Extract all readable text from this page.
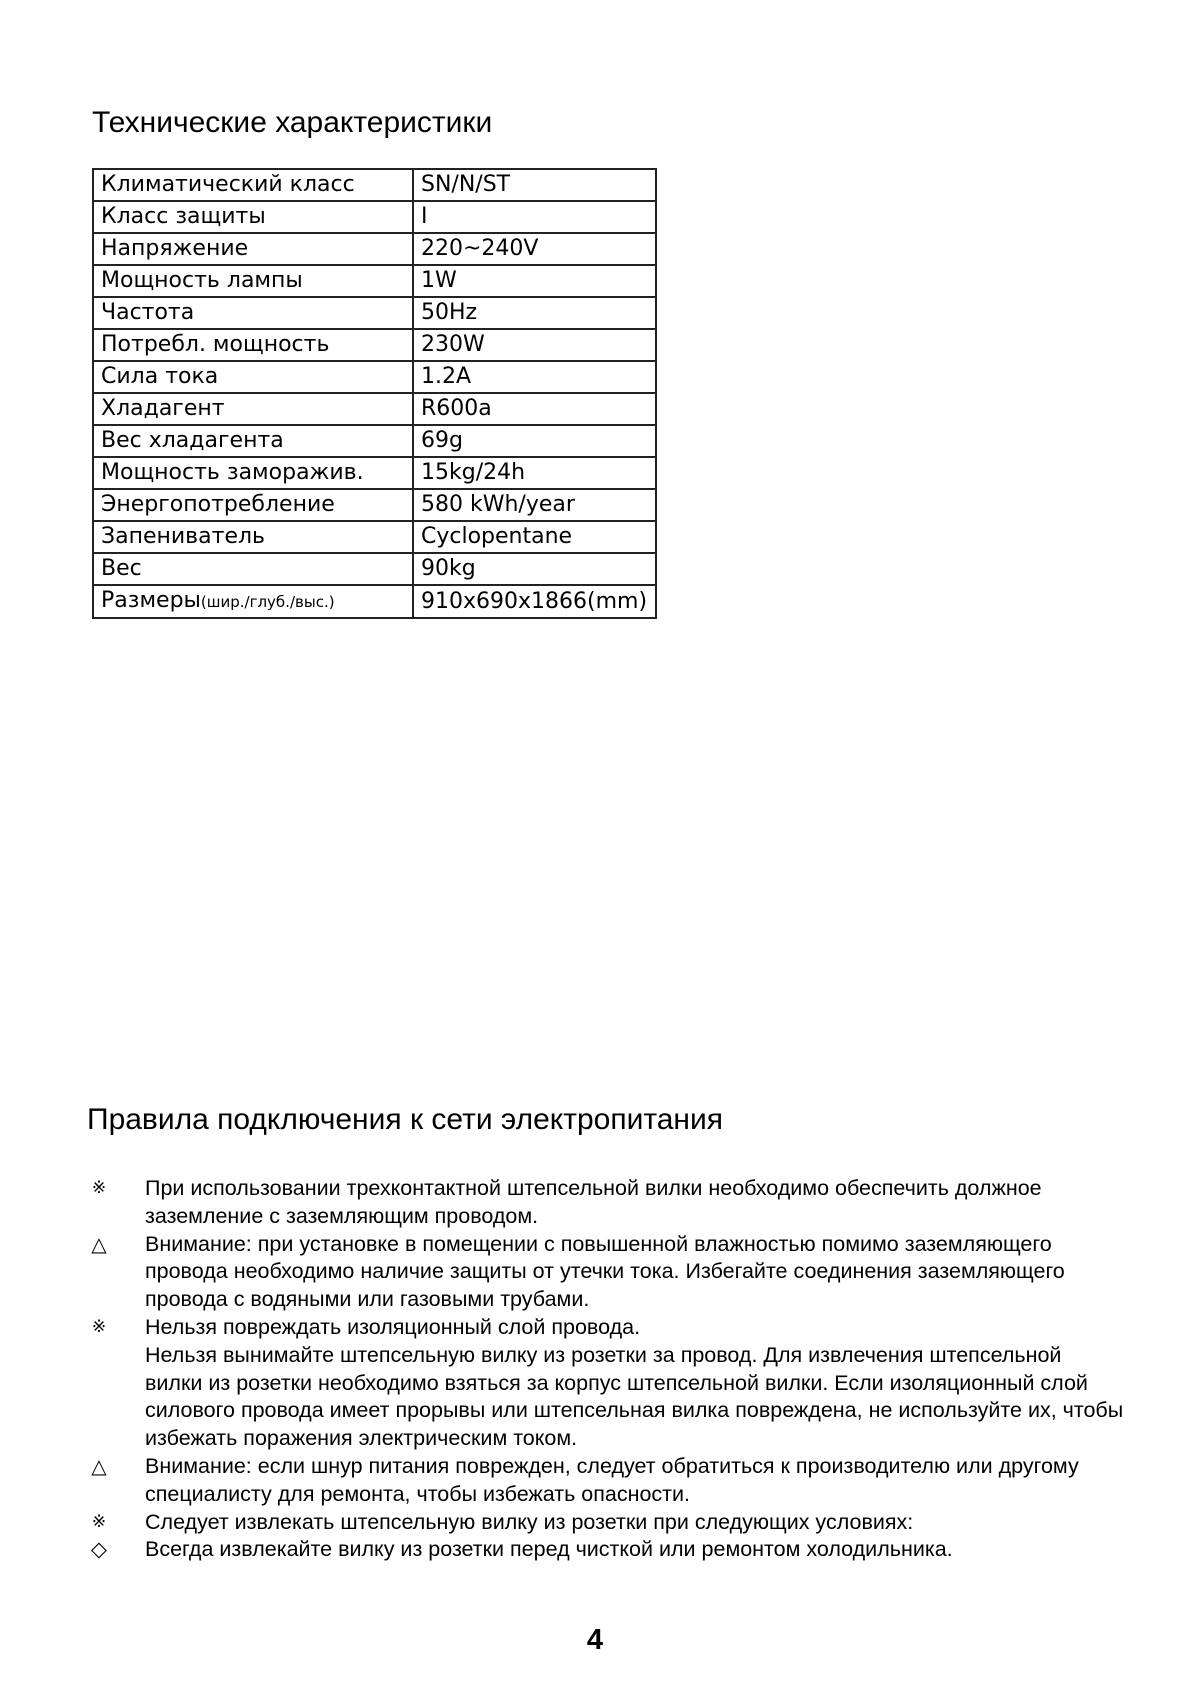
Технические характеристики
Климатический класс	SN/N/ST
Класс защиты	I
Напряжение	220~240V
Мощность лампы	1W
Частота	50Hz
Потребл. мощность	230W
Сила тока	1.2A
Хладагент	R600a
Вес хладагента	69g
Мощность заморажив.	15kg/24h
Энергопотребление	580 kWh/year
Запениватель	Cyclopentane
Вес	90kg
Размеры(шир./глуб./выс.)	910x690x1866(mm)
Правила подключения к сети электропитания
※ При использовании трехконтактной штепсельной вилки необходимо обеспечить должное заземление с заземляющим проводом.
△ Внимание: при установке в помещении с повышенной влажностью помимо заземляющего провода необходимо наличие защиты от утечки тока. Избегайте соединения заземляющего провода с водяными или газовыми трубами.
※ Нельзя повреждать изоляционный слой провода.
Нельзя вынимайте штепсельную вилку из розетки за провод. Для извлечения штепсельной вилки из розетки необходимо взяться за корпус штепсельной вилки. Если изоляционный слой силового провода имеет прорывы или штепсельная вилка повреждена, не используйте их, чтобы избежать поражения электрическим током.
△ Внимание: если шнур питания поврежден, следует обратиться к производителю или другому специалисту для ремонта, чтобы избежать опасности.
※ Следует извлекать штепсельную вилку из розетки при следующих условиях:
◇ Всегда извлекайте вилку из розетки перед чисткой или ремонтом холодильника.
4
